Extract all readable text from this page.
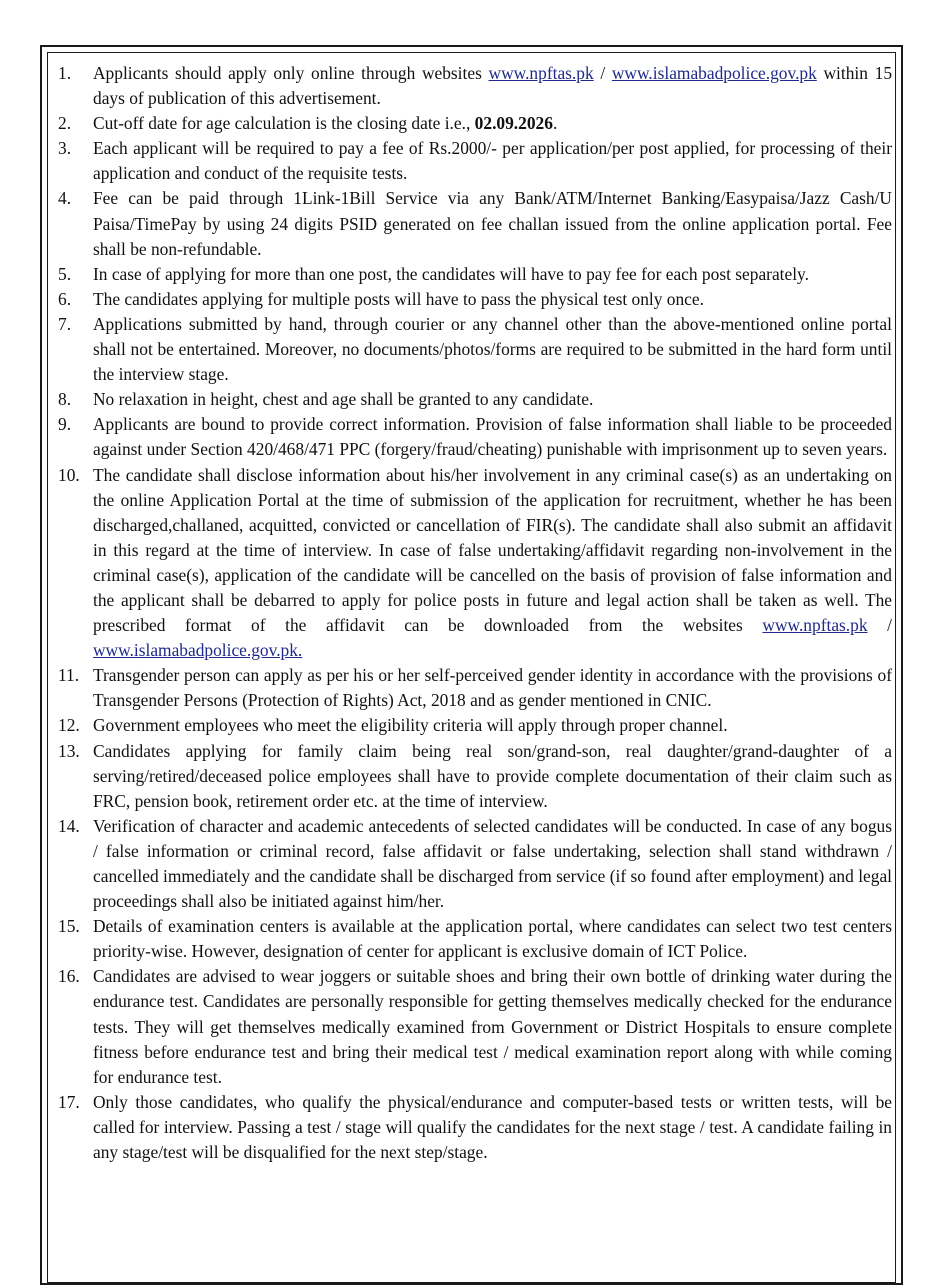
1.	Applicants should apply only online through websites www.npftas.pk / www.islamabadpolice.gov.pk within 15 days of publication of this advertisement.
2.	Cut-off date for age calculation is the closing date i.e., 02.09.2026.
3.	Each applicant will be required to pay a fee of Rs.2000/- per application/per post applied, for processing of their application and conduct of the requisite tests.
4.	Fee can be paid through 1Link-1Bill Service via any Bank/ATM/Internet Banking/Easypaisa/Jazz Cash/U Paisa/TimePay by using 24 digits PSID generated on fee challan issued from the online application portal. Fee shall be non-refundable.
5.	In case of applying for more than one post, the candidates will have to pay fee for each post separately.
6.	The candidates applying for multiple posts will have to pass the physical test only once.
7.	Applications submitted by hand, through courier or any channel other than the above-mentioned online portal shall not be entertained. Moreover, no documents/photos/forms are required to be submitted in the hard form until the interview stage.
8.	No relaxation in height, chest and age shall be granted to any candidate.
9.	Applicants are bound to provide correct information. Provision of false information shall liable to be proceeded against under Section 420/468/471 PPC (forgery/fraud/cheating) punishable with imprisonment up to seven years.
10. The candidate shall disclose information about his/her involvement in any criminal case(s) as an undertaking on the online Application Portal at the time of submission of the application for recruitment, whether he has been discharged,challaned, acquitted, convicted or cancellation of FIR(s). The candidate shall also submit an affidavit in this regard at the time of interview. In case of false undertaking/affidavit regarding non-involvement in the criminal case(s), application of the candidate will be cancelled on the basis of provision of false information and the applicant shall be debarred to apply for police posts in future and legal action shall be taken as well. The prescribed format of the affidavit can be downloaded from the websites www.npftas.pk / www.islamabadpolice.gov.pk.
11. Transgender person can apply as per his or her self-perceived gender identity in accordance with the provisions of Transgender Persons (Protection of Rights) Act, 2018 and as gender mentioned in CNIC.
12. Government employees who meet the eligibility criteria will apply through proper channel.
13. Candidates applying for family claim being real son/grand-son, real daughter/grand-daughter of a serving/retired/deceased police employees shall have to provide complete documentation of their claim such as FRC, pension book, retirement order etc. at the time of interview.
14. Verification of character and academic antecedents of selected candidates will be conducted. In case of any bogus / false information or criminal record, false affidavit or false undertaking, selection shall stand withdrawn / cancelled immediately and the candidate shall be discharged from service (if so found after employment) and legal proceedings shall also be initiated against him/her.
15. Details of examination centers is available at the application portal, where candidates can select two test centers priority-wise. However, designation of center for applicant is exclusive domain of ICT Police.
16. Candidates are advised to wear joggers or suitable shoes and bring their own bottle of drinking water during the endurance test. Candidates are personally responsible for getting themselves medically checked for the endurance tests. They will get themselves medically examined from Government or District Hospitals to ensure complete fitness before endurance test and bring their medical test / medical examination report along with while coming for endurance test.
17. Only those candidates, who qualify the physical/endurance and computer-based tests or written tests, will be called for interview. Passing a test / stage will qualify the candidates for the next stage / test. A candidate failing in any stage/test will be disqualified for the next step/stage.
